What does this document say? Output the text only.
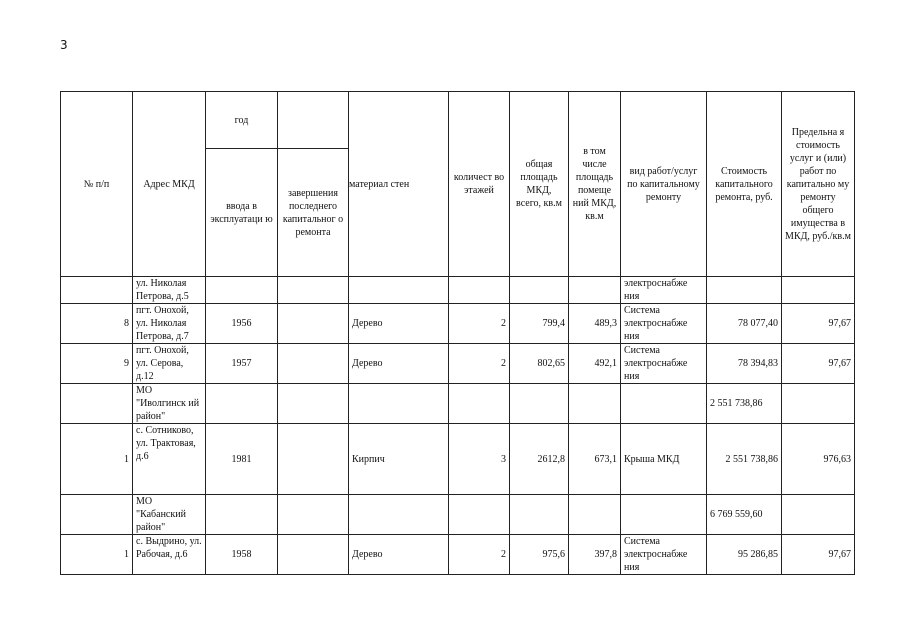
3
№ п/п	Адрес МКД	год		материал стен	количест во этажей	общая площадь МКД, всего, кв.м	в том числе площадь помеще ний МКД, кв.м	вид работ/услуг по капитальному ремонту	Стоимость капитального ремонта, руб.	Предельна я стоимость услуг и (или) работ по капитально му ремонту общего имущества в МКД, руб./кв.м
		ввода в эксплуатаци ю	завершения последнего капитальног о ремонта							
	ул. Николая Петрова, д.5							электроснабже ния		
8	пгт. Онохой, ул. Николая Петрова, д.7	1956		Дерево	2	799,4	489,3	Система электроснабже ния	78 077,40	97,67
9	пгт. Онохой, ул. Серова, д.12	1957		Дерево	2	802,65	492,1	Система электроснабже ния	78 394,83	97,67
	МО "Иволгинск ий район"								2 551 738,86	
1	с. Сотниково, ул. Трактовая, д.6	1981		Кирпич	3	2612,8	673,1	Крыша МКД	2 551 738,86	976,63
	МО "Кабанский район"								6 769 559,60	
1	с. Выдрино, ул. Рабочая, д.6	1958		Дерево	2	975,6	397,8	Система электроснабже ния	95 286,85	97,67
